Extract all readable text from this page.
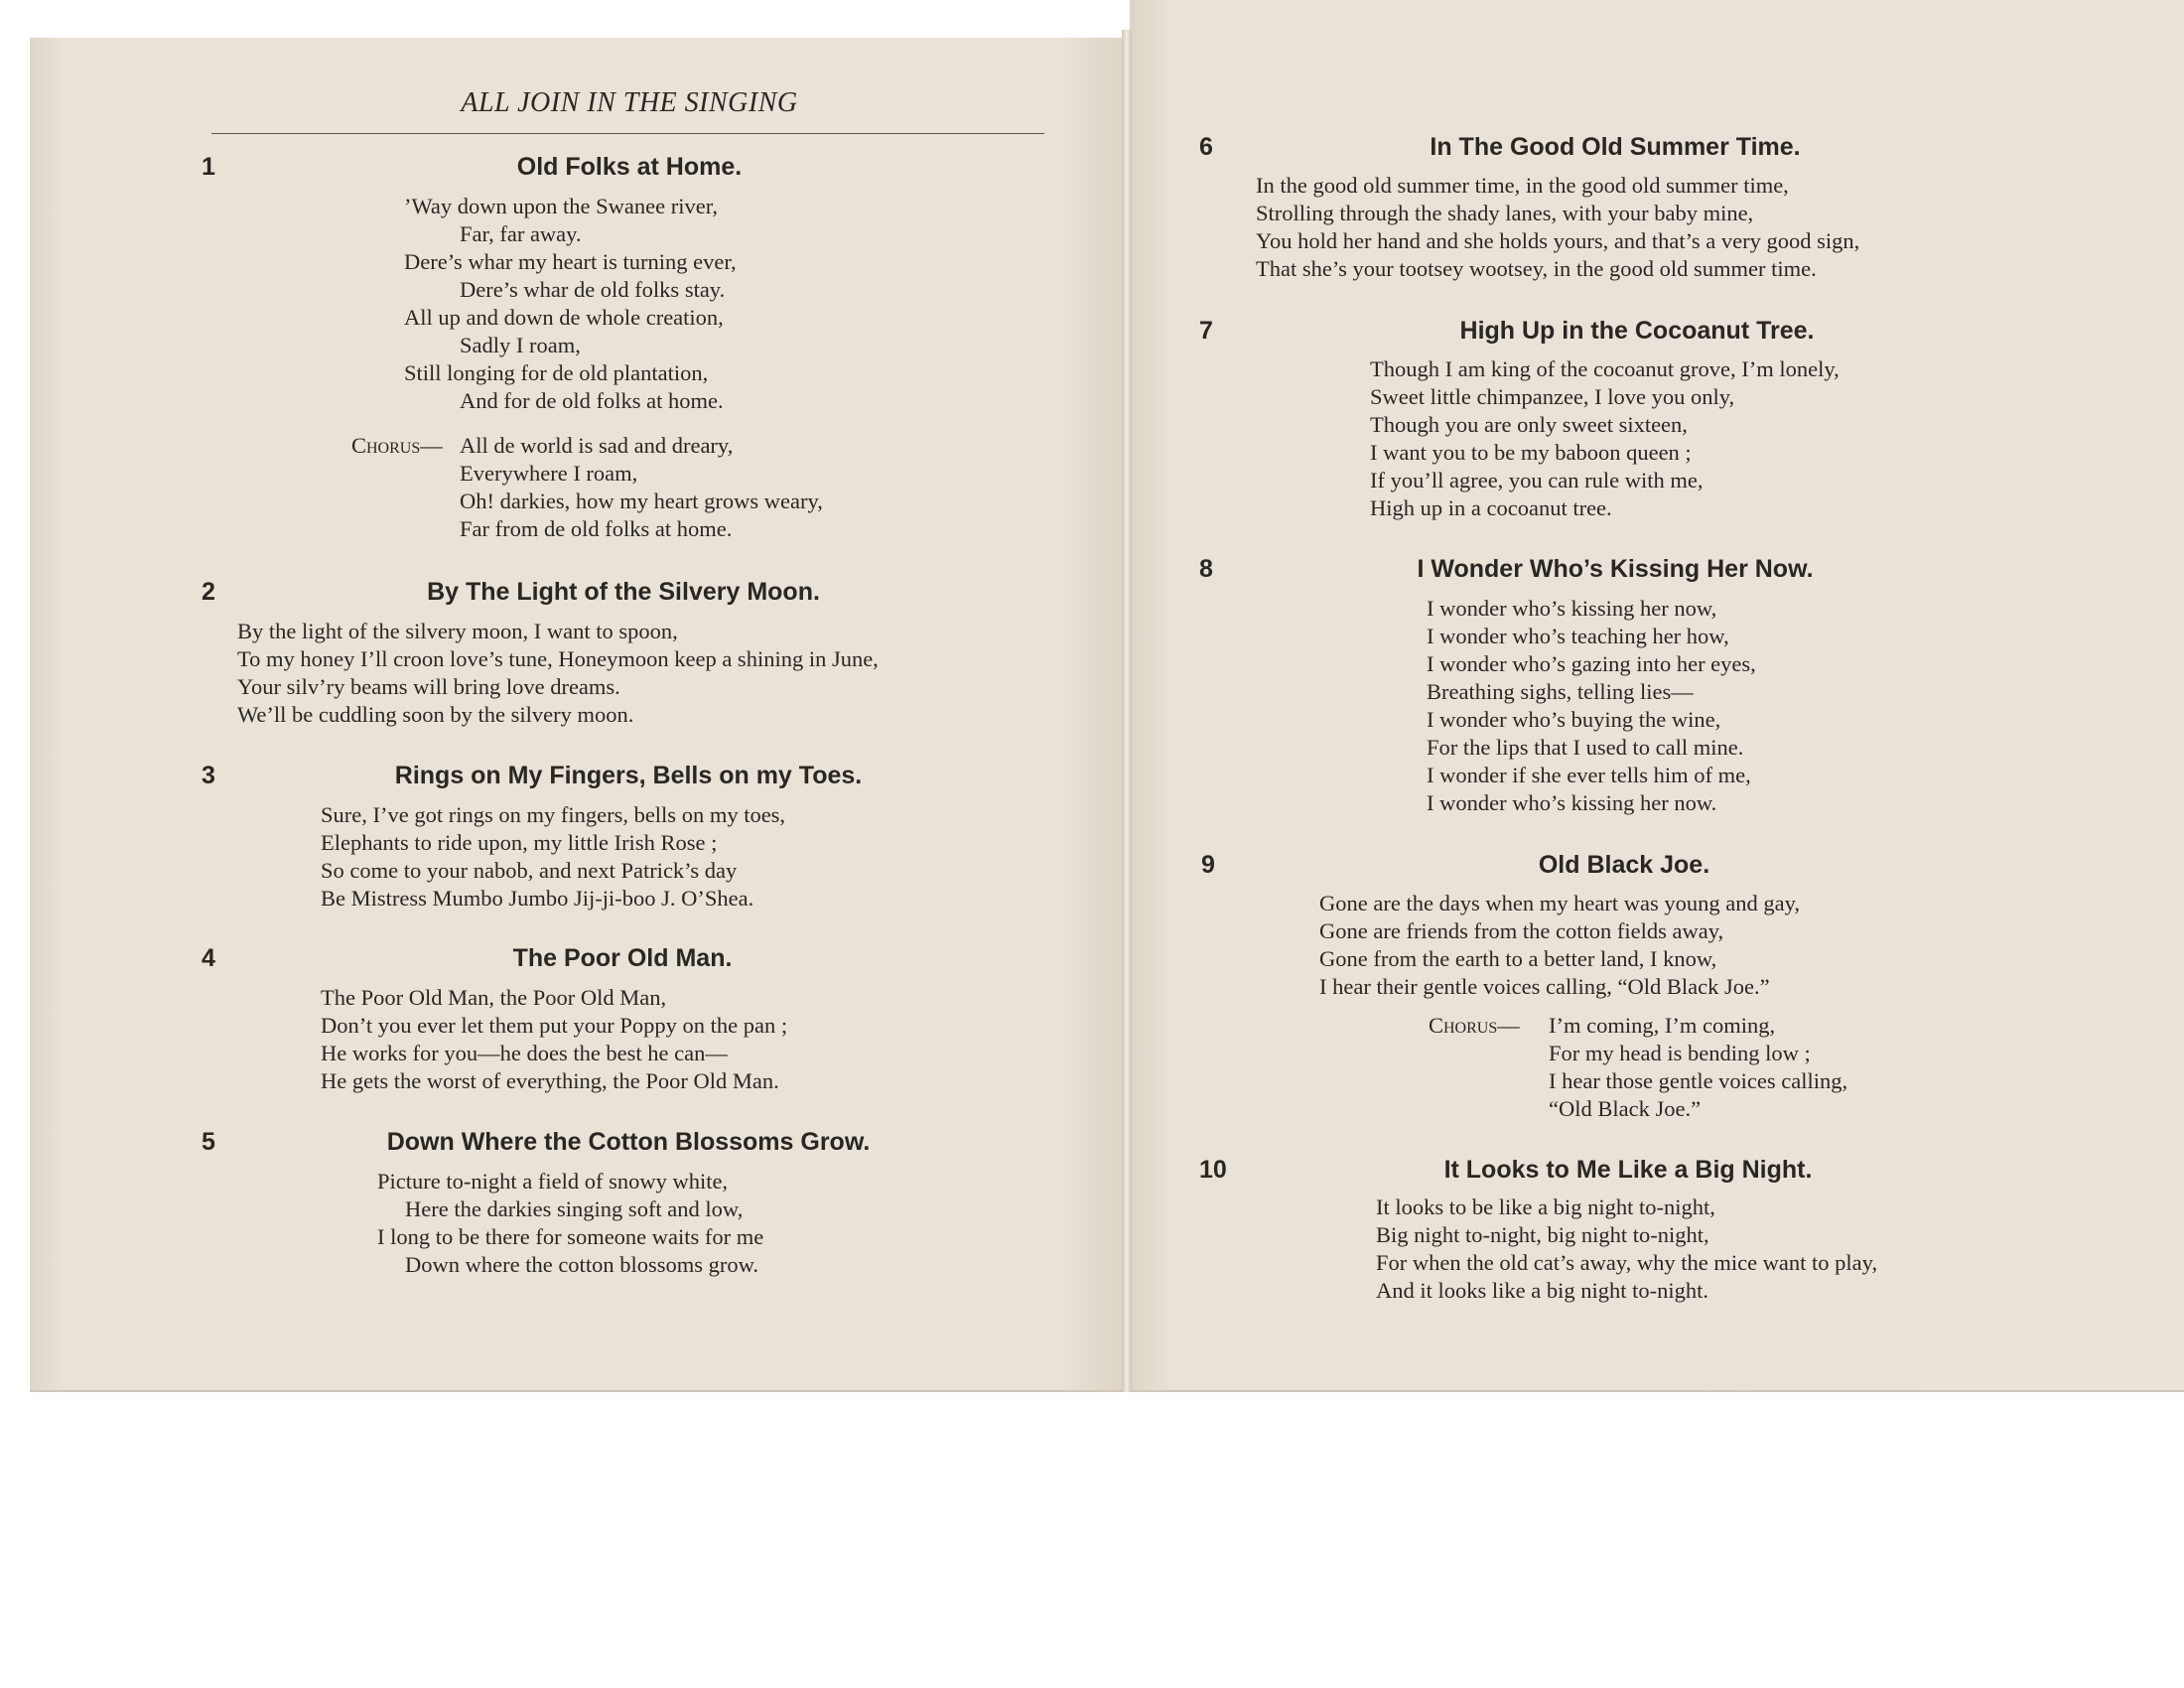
ALL JOIN IN THE SINGING
1	Old Folks at Home.
’Way down upon the Swanee river,
Far, far away.
Dere’s whar my heart is turning ever,
Dere’s whar de old folks stay.
All up and down de whole creation,
Sadly I roam,
Still longing for de old plantation,
And for de old folks at home.
Chorus— All de world is sad and dreary,
Everywhere I roam,
Oh! darkies, how my heart grows weary,
Far from de old folks at home.
2	By The Light of the Silvery Moon.
By the light of the silvery moon, I want to spoon,
To my honey I’ll croon love’s tune, Honeymoon keep a shining in June,
Your silv’ry beams will bring love dreams.
We’ll be cuddling soon by the silvery moon.
3	Rings on My Fingers, Bells on my Toes.
Sure, I’ve got rings on my fingers, bells on my toes,
Elephants to ride upon, my little Irish Rose ;
So come to your nabob, and next Patrick’s day
Be Mistress Mumbo Jumbo Jij-ji-boo J. O’Shea.
4	The Poor Old Man.
The Poor Old Man, the Poor Old Man,
Don’t you ever let them put your Poppy on the pan ;
He works for you—he does the best he can—
He gets the worst of everything, the Poor Old Man.
5	Down Where the Cotton Blossoms Grow.
Picture to-night a field of snowy white,
Here the darkies singing soft and low,
I long to be there for someone waits for me
Down where the cotton blossoms grow.
6	In The Good Old Summer Time.
In the good old summer time, in the good old summer time,
Strolling through the shady lanes, with your baby mine,
You hold her hand and she holds yours, and that’s a very good sign,
That she’s your tootsey wootsey, in the good old summer time.
7	High Up in the Cocoanut Tree.
Though I am king of the cocoanut grove, I’m lonely,
Sweet little chimpanzee, I love you only,
Though you are only sweet sixteen,
I want you to be my baboon queen ;
If you’ll agree, you can rule with me,
High up in a cocoanut tree.
8	I Wonder Who’s Kissing Her Now.
I wonder who’s kissing her now,
I wonder who’s teaching her how,
I wonder who’s gazing into her eyes,
Breathing sighs, telling lies—
I wonder who’s buying the wine,
For the lips that I used to call mine.
I wonder if she ever tells him of me,
I wonder who’s kissing her now.
9	Old Black Joe.
Gone are the days when my heart was young and gay,
Gone are friends from the cotton fields away,
Gone from the earth to a better land, I know,
I hear their gentle voices calling, “Old Black Joe.”
Chorus— I’m coming, I’m coming,
For my head is bending low ;
I hear those gentle voices calling,
“Old Black Joe.”
10	It Looks to Me Like a Big Night.
It looks to be like a big night to-night,
Big night to-night, big night to-night,
For when the old cat’s away, why the mice want to play,
And it looks like a big night to-night.
